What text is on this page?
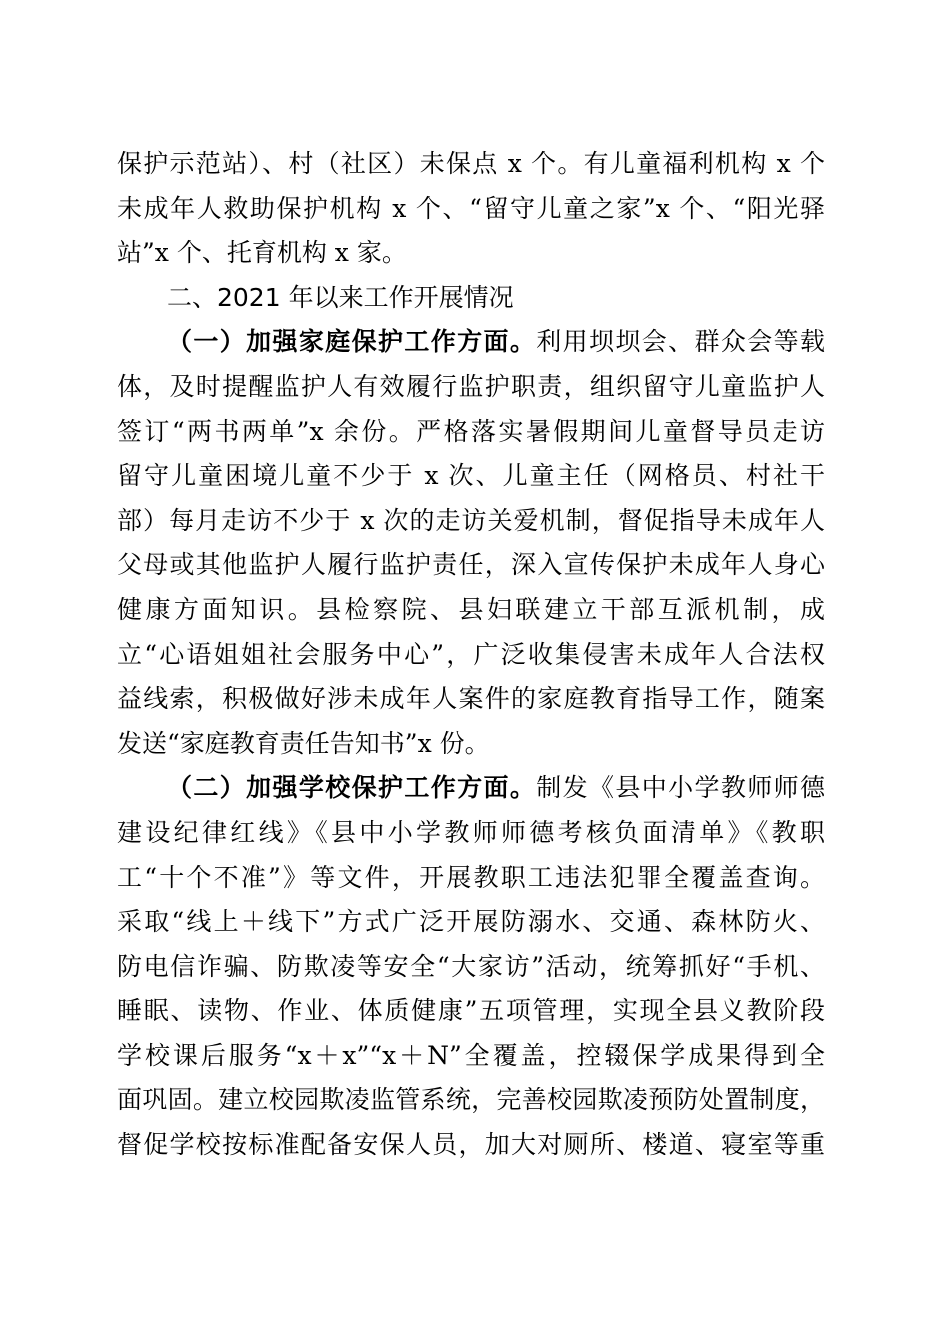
保护示范站）、村（社区）未保点 x 个。有儿童福利机构 x 个
未成年人救助保护机构 x 个、“留守儿童之家”x 个、“阳光驿
站”x 个、托育机构 x 家。
二、2021 年以来工作开展情况
（一）加强家庭保护工作方面。利用坝坝会、群众会等载
体，及时提醒监护人有效履行监护职责，组织留守儿童监护人
签订“两书两单”x 余份。严格落实暑假期间儿童督导员走访
留守儿童困境儿童不少于 x 次、儿童主任（网格员、村社干
部）每月走访不少于 x 次的走访关爱机制，督促指导未成年人
父母或其他监护人履行监护责任，深入宣传保护未成年人身心
健康方面知识。县检察院、县妇联建立干部互派机制，成
立“心语姐姐社会服务中心”，广泛收集侵害未成年人合法权
益线索，积极做好涉未成年人案件的家庭教育指导工作，随案
发送“家庭教育责任告知书”x 份。
（二）加强学校保护工作方面。制发《县中小学教师师德
建设纪律红线》《县中小学教师师德考核负面清单》《教职
工“十个不准”》等文件，开展教职工违法犯罪全覆盖查询。
采取“线上＋线下”方式广泛开展防溺水、交通、森林防火、
防电信诈骗、防欺凌等安全“大家访”活动，统筹抓好“手机、
睡眠、读物、作业、体质健康”五项管理，实现全县义教阶段
学校课后服务“x＋x”“x＋N”全覆盖，控辍保学成果得到全
面巩固。建立校园欺凌监管系统，完善校园欺凌预防处置制度，
督促学校按标准配备安保人员，加大对厕所、楼道、寝室等重
